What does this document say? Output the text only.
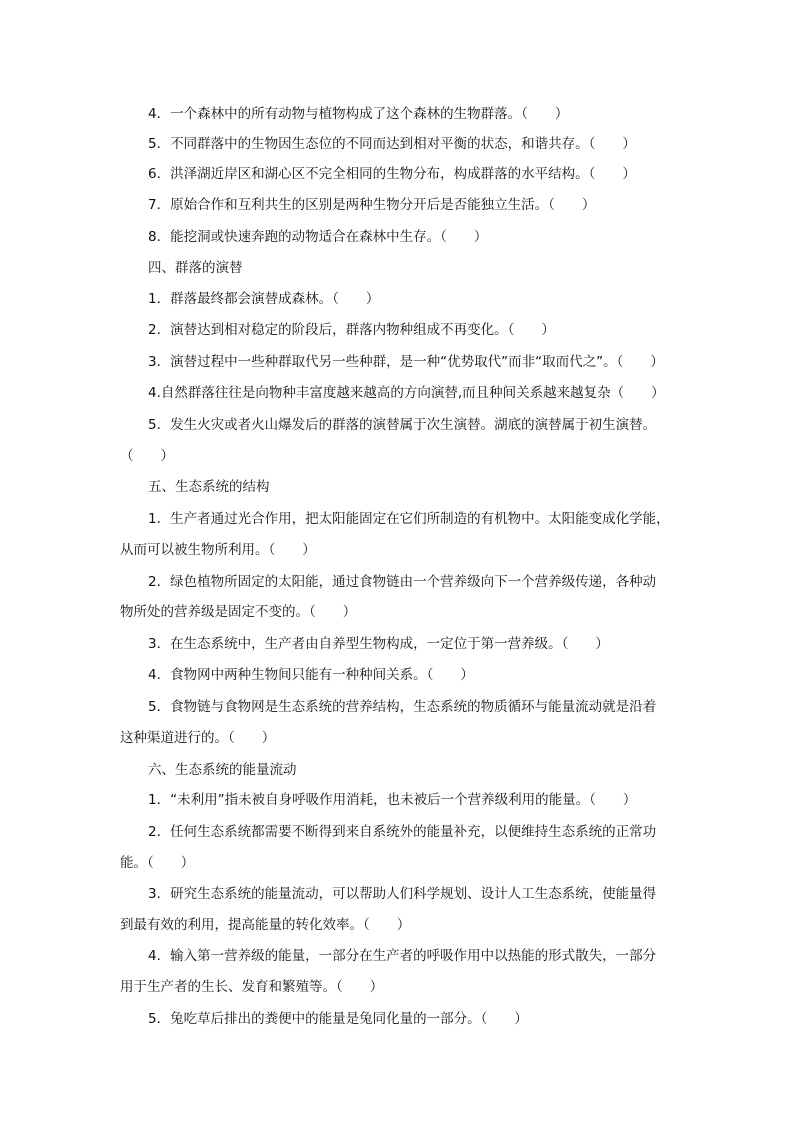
4．一个森林中的所有动物与植物构成了这个森林的生物群落。（　　）
5．不同群落中的生物因生态位的不同而达到相对平衡的状态，和谐共存。（　　）
6．洪泽湖近岸区和湖心区不完全相同的生物分布，构成群落的水平结构。（　　）
7．原始合作和互利共生的区别是两种生物分开后是否能独立生活。（　　）
8．能挖洞或快速奔跑的动物适合在森林中生存。（　　）
四、群落的演替
1．群落最终都会演替成森林。（　　）
2．演替达到相对稳定的阶段后，群落内物种组成不再变化。（　　）
3．演替过程中一些种群取代另一些种群，是一种“优势取代”而非“取而代之”。（　　）
4.自然群落往往是向物种丰富度越来越高的方向演替,而且种间关系越来越复杂（　　）
5．发生火灾或者火山爆发后的群落的演替属于次生演替。湖底的演替属于初生演替。
（　　）
五、生态系统的结构
1．生产者通过光合作用，把太阳能固定在它们所制造的有机物中。太阳能变成化学能，
从而可以被生物所利用。（　　）
2．绿色植物所固定的太阳能，通过食物链由一个营养级向下一个营养级传递，各种动
物所处的营养级是固定不变的。（　　）
3．在生态系统中，生产者由自养型生物构成，一定位于第一营养级。（　　）
4．食物网中两种生物间只能有一种种间关系。（　　）
5．食物链与食物网是生态系统的营养结构，生态系统的物质循环与能量流动就是沿着
这种渠道进行的。（　　）
六、生态系统的能量流动
1．“未利用”指未被自身呼吸作用消耗，也未被后一个营养级利用的能量。（　　）
2．任何生态系统都需要不断得到来自系统外的能量补充，以便维持生态系统的正常功
能。（　　）
3．研究生态系统的能量流动，可以帮助人们科学规划、设计人工生态系统，使能量得
到最有效的利用，提高能量的转化效率。（　　）
4．输入第一营养级的能量，一部分在生产者的呼吸作用中以热能的形式散失，一部分
用于生产者的生长、发育和繁殖等。（　　）
5．兔吃草后排出的粪便中的能量是兔同化量的一部分。（　　）
